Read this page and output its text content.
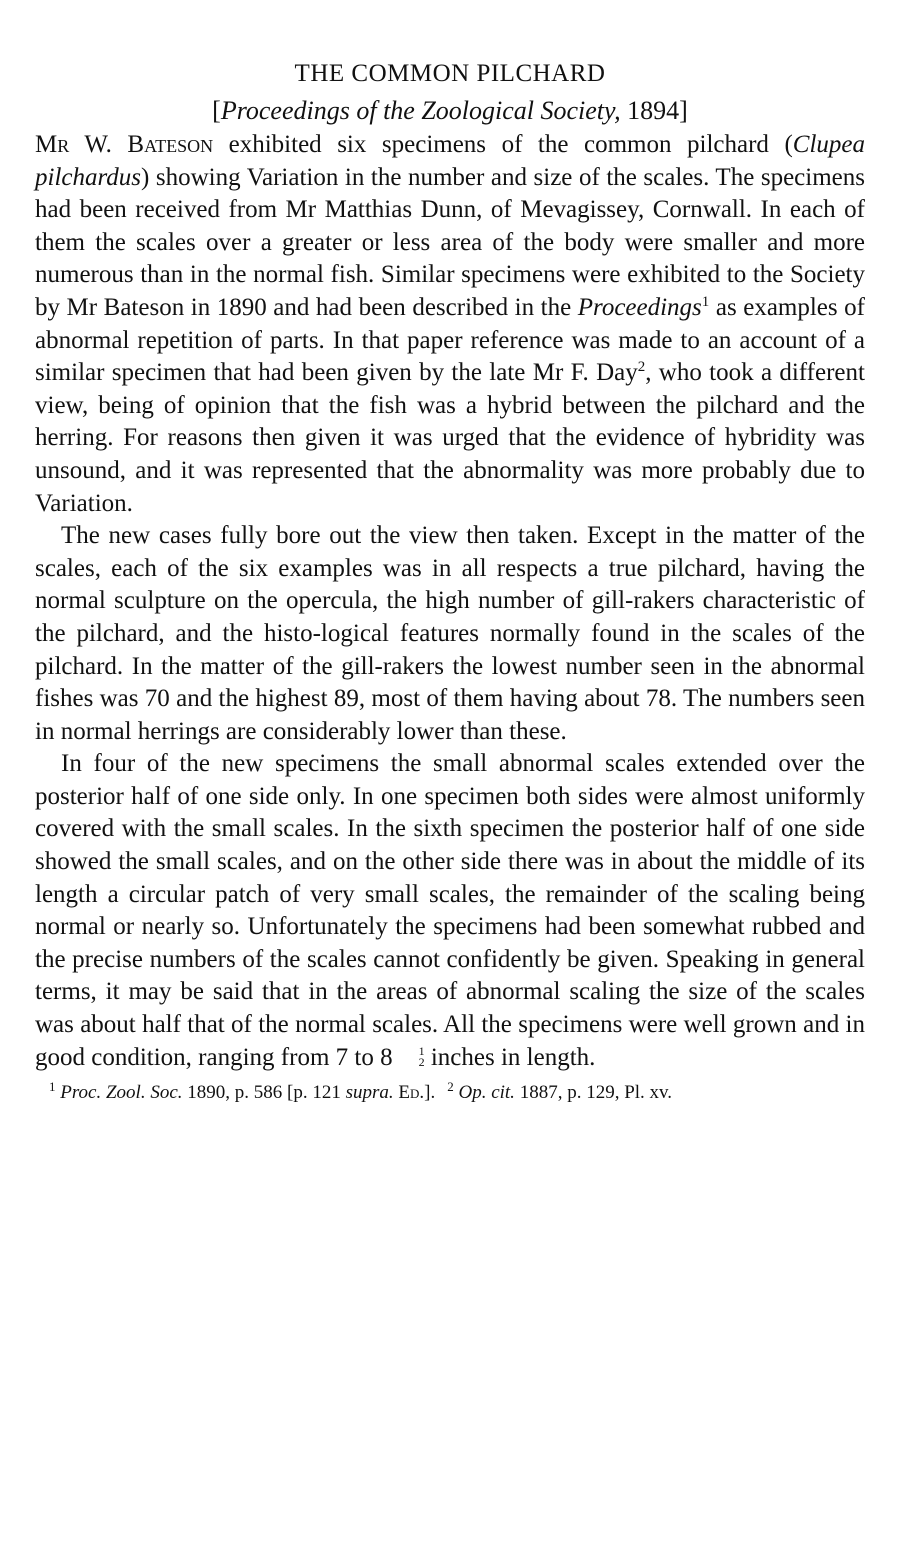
THE COMMON PILCHARD

[Proceedings of the Zoological Society, 1894]

Mr W. Bateson exhibited six specimens of the common pilchard (Clupea pilchardus) showing Variation in the number and size of the scales. The specimens had been received from Mr Matthias Dunn, of Mevagissey, Cornwall. In each of them the scales over a greater or less area of the body were smaller and more numerous than in the normal fish. Similar specimens were exhibited to the Society by Mr Bateson in 1890 and had been described in the Proceedings$^1$ as examples of abnormal repetition of parts. In that paper reference was made to an account of a similar specimen that had been given by the late Mr F. Day$^2$, who took a different view, being of opinion that the fish was a hybrid between the pilchard and the herring. For reasons then given it was urged that the evidence of hybridity was unsound, and it was represented that the abnormality was more probably due to Variation.

The new cases fully bore out the view then taken. Except in the matter of the scales, each of the six examples was in all respects a true pilchard, having the normal sculpture on the opercula, the high number of gill-rakers characteristic of the pilchard, and the histo-logical features normally found in the scales of the pilchard. In the matter of the gill-rakers the lowest number seen in the abnormal fishes was 70 and the highest 89, most of them having about 78. The numbers seen in normal herrings are considerably lower than these.

In four of the new specimens the small abnormal scales extended over the posterior half of one side only. In one specimen both sides were almost uniformly covered with the small scales. In the sixth specimen the posterior half of one side showed the small scales, and on the other side there was in about the middle of its length a circular patch of very small scales, the remainder of the scaling being normal or nearly so. Unfortunately the specimens had been somewhat rubbed and the precise numbers of the scales cannot confidently be given. Speaking in general terms, it may be said that in the areas of abnormal scaling the size of the scales was about half that of the normal scales. All the specimens were well grown and in good condition, ranging from 7 to 8	1
2 inches in length.

$^1$ Proc. Zool. Soc. 1890, p. 586 [p. 121 supra. Ed.]. $^2$ Op. cit. 1887, p. 129, Pl. xv.
